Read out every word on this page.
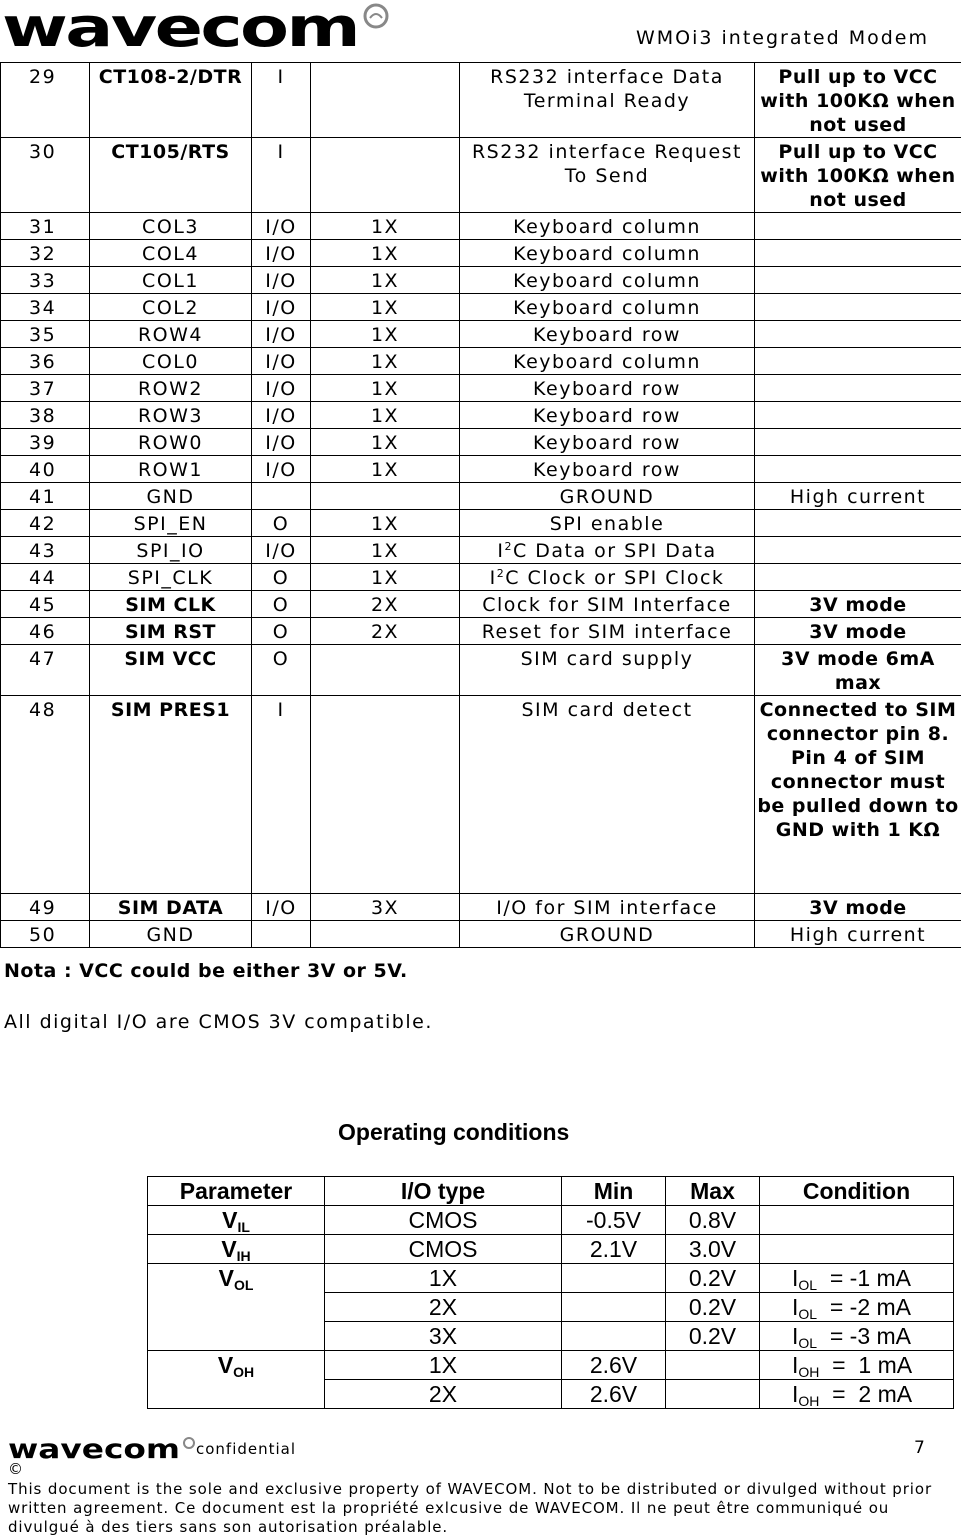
wavecom	WMOi3 integrated Modem
29	CT108-2/DTR	I		RS232 interface Data Terminal Ready	Pull up to VCC with 100KΩ when not used
30	CT105/RTS	I		RS232 interface Request To Send	Pull up to VCC with 100KΩ when not used
31	COL3	I/O	1X	Keyboard column	
32	COL4	I/O	1X	Keyboard column	
33	COL1	I/O	1X	Keyboard column	
34	COL2	I/O	1X	Keyboard column	
35	ROW4	I/O	1X	Keyboard row	
36	COL0	I/O	1X	Keyboard column	
37	ROW2	I/O	1X	Keyboard row	
38	ROW3	I/O	1X	Keyboard row	
39	ROW0	I/O	1X	Keyboard row	
40	ROW1	I/O	1X	Keyboard row	
41	GND			GROUND	High current
42	SPI_EN	O	1X	SPI enable	
43	SPI_IO	I/O	1X	$I^2C$ Data or SPI Data	
44	SPI_CLK	O	1X	$I^2C$ Clock or SPI Clock	
45	SIM CLK	O	2X	Clock for SIM Interface	3V mode
46	SIM RST	O	2X	Reset for SIM interface	3V mode
47	SIM VCC	O		SIM card supply	3V mode 6mA max
48	SIM PRES1	I		SIM card detect	Connected to SIM connector pin 8. Pin 4 of SIM connector must be pulled down to GND with 1 KΩ
49	SIM DATA	I/O	3X	I/O for SIM interface	3V mode
50	GND			GROUND	High current
Nota : VCC could be either 3V or 5V.
All digital I/O are CMOS 3V compatible.
Operating conditions
Parameter	I/O type	Min	Max	Condition
$V_{IL}$	CMOS	-0.5V	0.8V	
$V_{IH}$	CMOS	2.1V	3.0V	
$V_{OL}$	1X		0.2V	$I_{OL} = -1$ mA
	2X		0.2V	$I_{OL} = -2$ mA
	3X		0.2V	$I_{OL} = -3$ mA
$V_{OH}$	1X	2.6V		$I_{OH} = 1$ mA
	2X	2.6V		$I_{OH} = 2$ mA
wavecom confidential	7
©
This document is the sole and exclusive property of WAVECOM. Not to be distributed or divulged without prior written agreement. Ce document est la propriété exlcusive de WAVECOM. Il ne peut être communiqué ou divulgué à des tiers sans son autorisation préalable.
